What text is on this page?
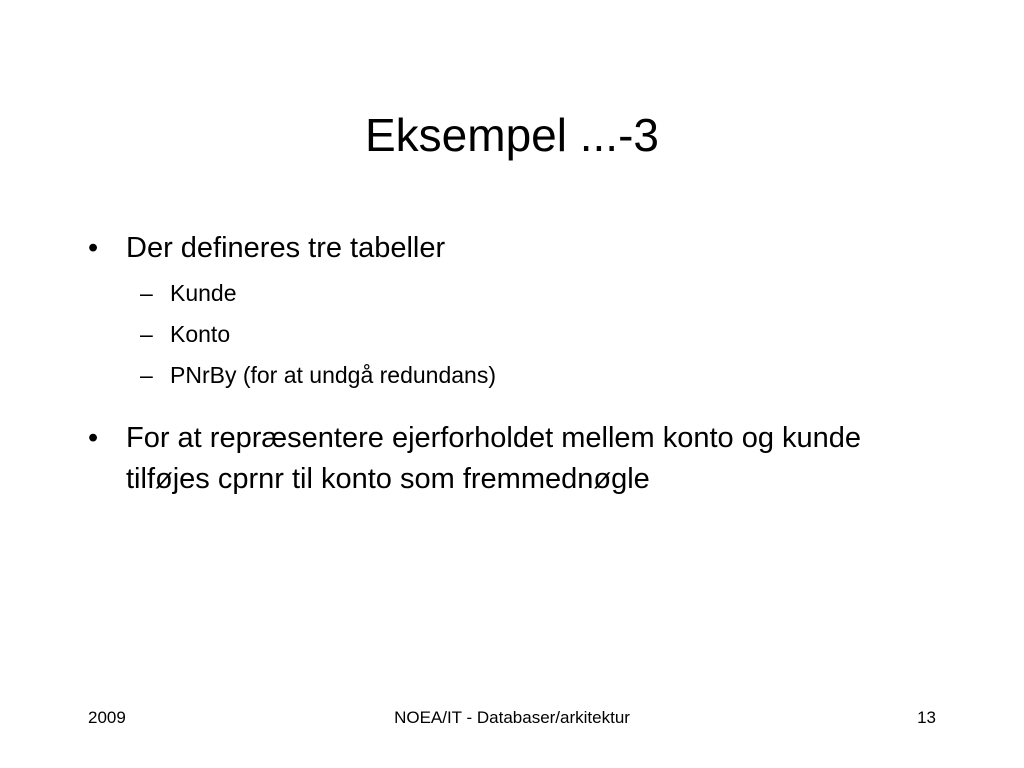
Eksempel ...-3
• Der defineres tre tabeller
– Kunde
– Konto
– PNrBy (for at undgå redundans)
• For at repræsentere ejerforholdet mellem konto og kunde tilføjes cprnr til konto som fremmednøgle
2009	NOEA/IT - Databaser/arkitektur	13
